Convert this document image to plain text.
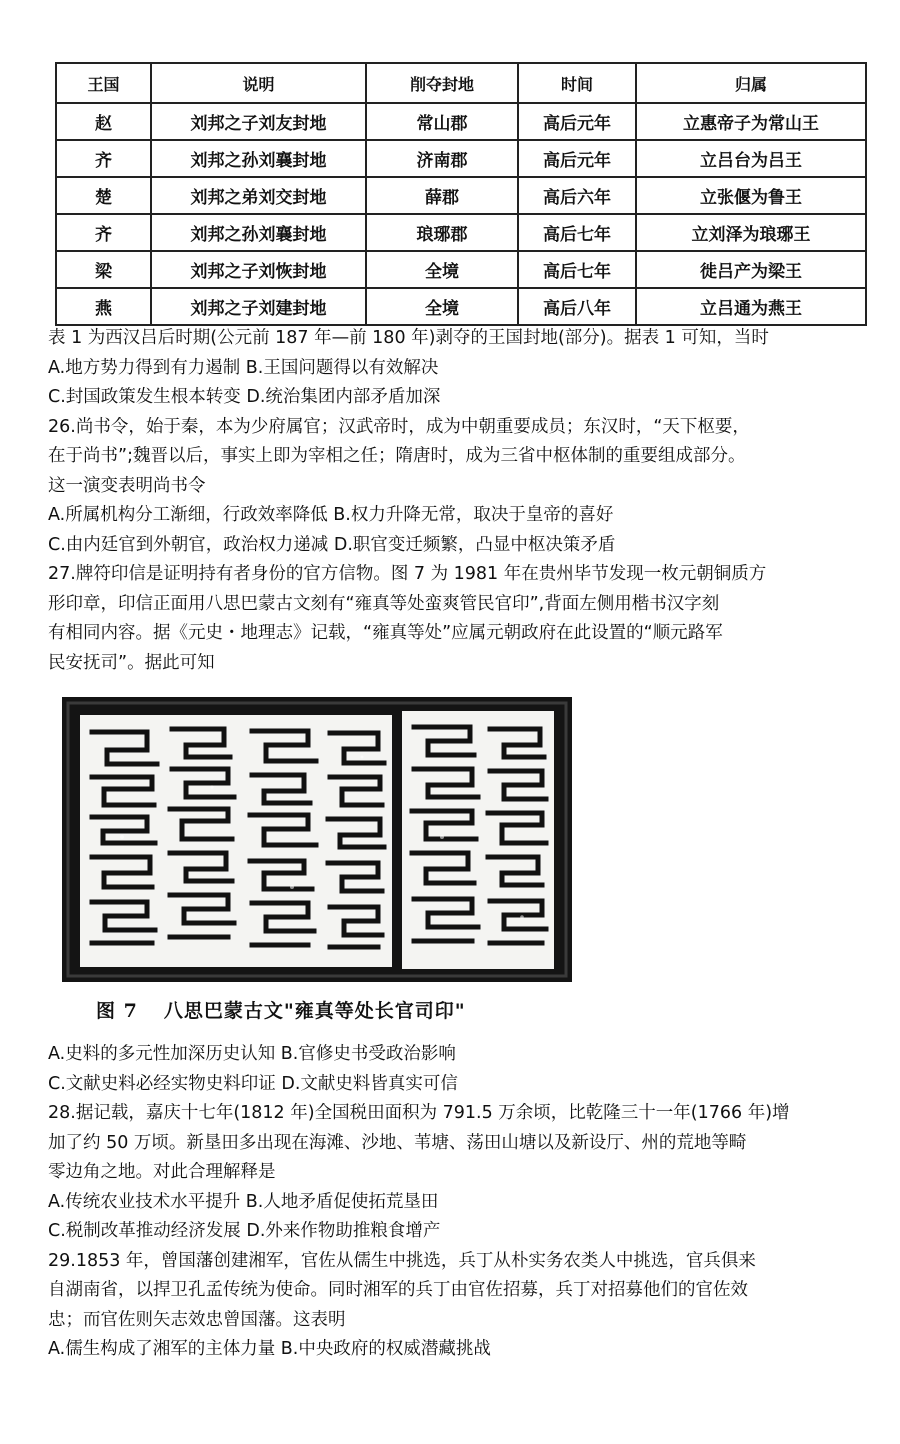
王国	说明	削夺封地	时间	归属
赵	刘邦之子刘友封地	常山郡	高后元年	立惠帝子为常山王
齐	刘邦之孙刘襄封地	济南郡	高后元年	立吕台为吕王
楚	刘邦之弟刘交封地	薛郡	高后六年	立张偃为鲁王
齐	刘邦之孙刘襄封地	琅琊郡	高后七年	立刘泽为琅琊王
梁	刘邦之子刘恢封地	全境	高后七年	徙吕产为梁王
燕	刘邦之子刘建封地	全境	高后八年	立吕通为燕王

表 1 为西汉吕后时期(公元前 187 年—前 180 年)剥夺的王国封地(部分)。据表 1 可知，当时

A.地方势力得到有力遏制 B.王国问题得以有效解决

C.封国政策发生根本转变 D.统治集团内部矛盾加深

26.尚书令，始于秦，本为少府属官；汉武帝时，成为中朝重要成员；东汉时，“天下枢要，

在于尚书”;魏晋以后，事实上即为宰相之任；隋唐时，成为三省中枢体制的重要组成部分。

这一演变表明尚书令

A.所属机构分工渐细，行政效率降低 B.权力升降无常，取决于皇帝的喜好

C.由内廷官到外朝官，政治权力递减 D.职官变迁频繁，凸显中枢决策矛盾

27.牌符印信是证明持有者身份的官方信物。图 7 为 1981 年在贵州毕节发现一枚元朝铜质方

形印章，印信正面用八思巴蒙古文刻有“雍真等处蛮爽管民官印”,背面左侧用楷书汉字刻

有相同内容。据《元史・地理志》记载，“雍真等处”应属元朝政府在此设置的“顺元路军

民安抚司”。据此可知

图 7 八思巴蒙古文"雍真等处长官司印"

A.史料的多元性加深历史认知 B.官修史书受政治影响

C.文献史料必经实物史料印证 D.文献史料皆真实可信

28.据记载，嘉庆十七年(1812 年)全国税田面积为 791.5 万余顷，比乾隆三十一年(1766 年)增

加了约 50 万顷。新垦田多出现在海滩、沙地、苇塘、荡田山塘以及新设厅、州的荒地等畸

零边角之地。对此合理解释是

A.传统农业技术水平提升 B.人地矛盾促使拓荒垦田

C.税制改革推动经济发展 D.外来作物助推粮食增产

29.1853 年，曾国藩创建湘军，官佐从儒生中挑选，兵丁从朴实务农类人中挑选，官兵俱来

自湖南省，以捍卫孔孟传统为使命。同时湘军的兵丁由官佐招募，兵丁对招募他们的官佐效

忠；而官佐则矢志效忠曾国藩。这表明

A.儒生构成了湘军的主体力量 B.中央政府的权威潜藏挑战
